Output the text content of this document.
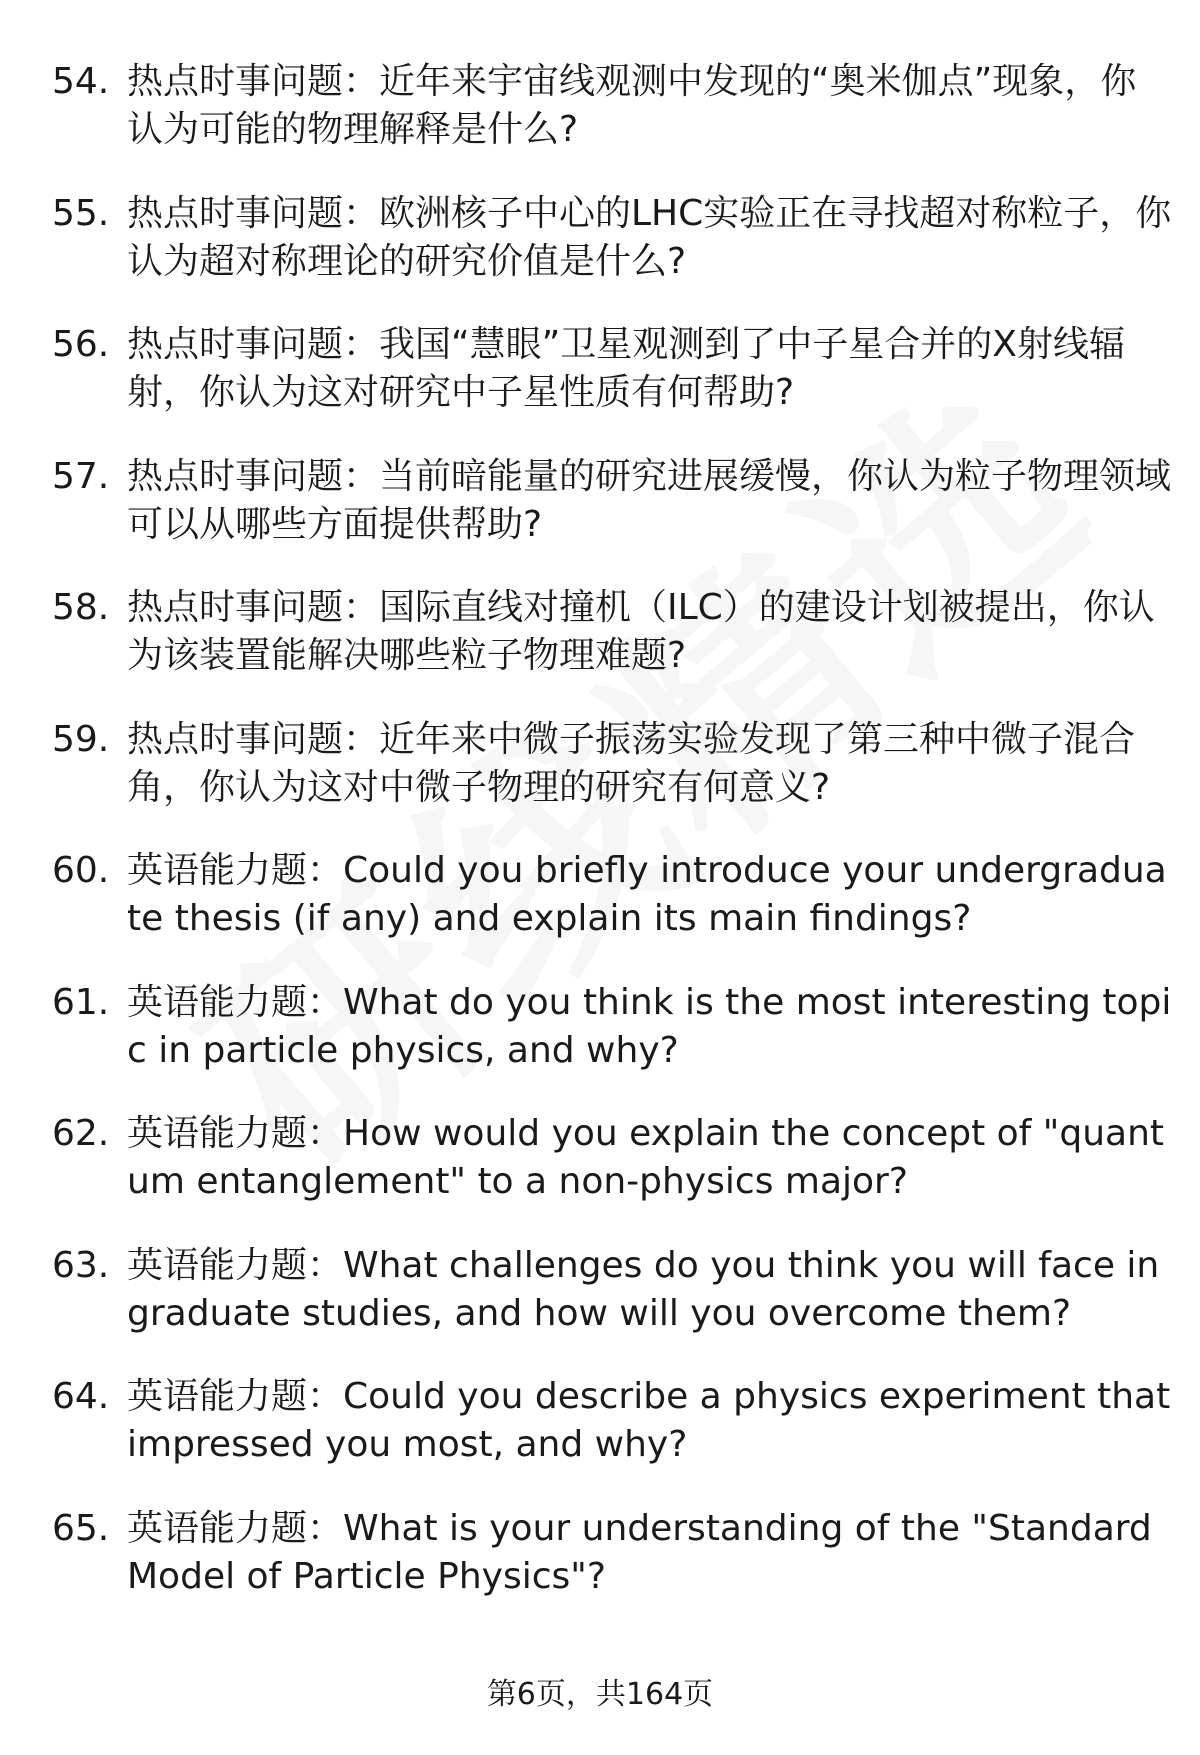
54. 热点时事问题：近年来宇宙线观测中发现的“奥米伽点”现象，你认为可能的物理解释是什么?
55. 热点时事问题：欧洲核子中心的LHC实验正在寻找超对称粒子，你认为超对称理论的研究价值是什么?
56. 热点时事问题：我国“慧眼”卫星观测到了中子星合并的X射线辐射，你认为这对研究中子星性质有何帮助?
57. 热点时事问题：当前暗能量的研究进展缓慢，你认为粒子物理领域可以从哪些方面提供帮助?
58. 热点时事问题：国际直线对撞机（ILC）的建设计划被提出，你认为该装置能解决哪些粒子物理难题?
59. 热点时事问题：近年来中微子振荡实验发现了第三种中微子混合角，你认为这对中微子物理的研究有何意义?
60. 英语能力题：Could you briefly introduce your undergraduate thesis (if any) and explain its main findings?
61. 英语能力题：What do you think is the most interesting topic in particle physics, and why?
62. 英语能力题：How would you explain the concept of "quantum entanglement" to a non-physics major?
63. 英语能力题：What challenges do you think you will face in graduate studies, and how will you overcome them?
64. 英语能力题：Could you describe a physics experiment that impressed you most, and why?
65. 英语能力题：What is your understanding of the "Standard Model of Particle Physics"?
第6页，共164页
